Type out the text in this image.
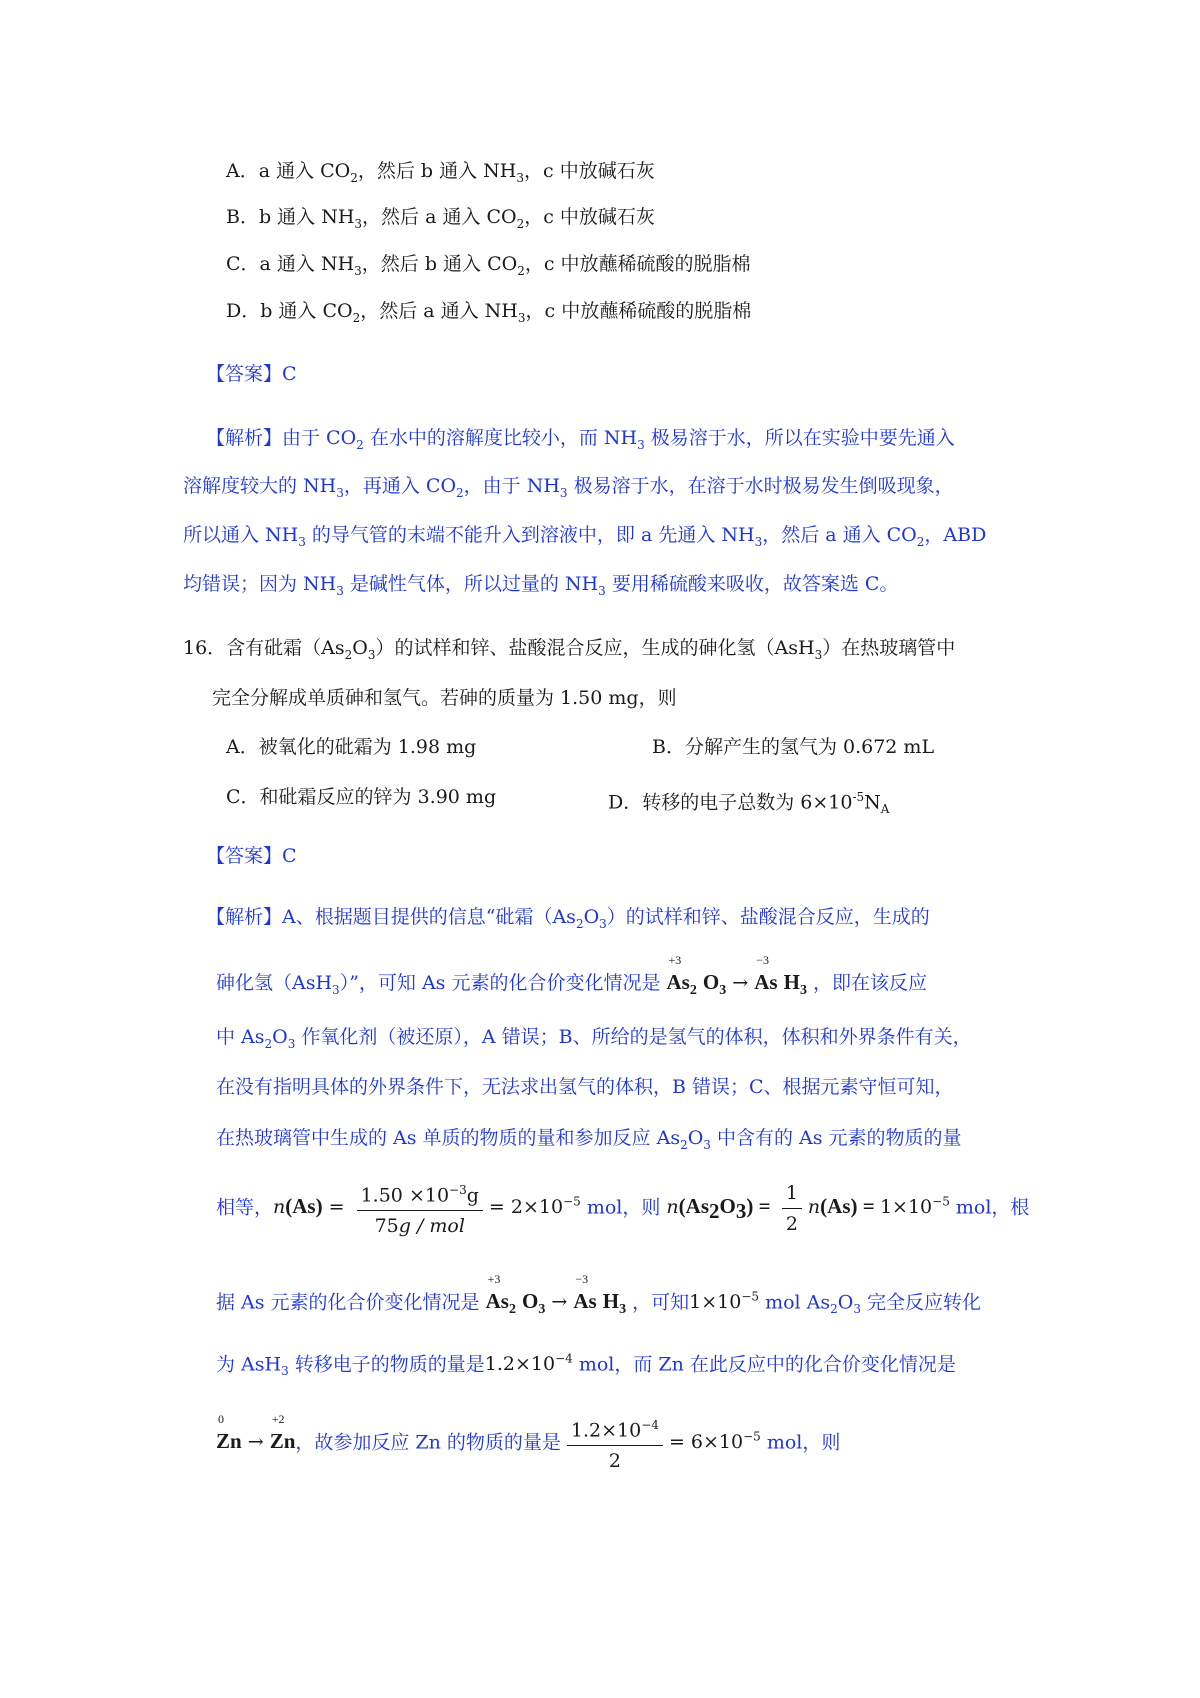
A．a 通入 $CO_2$，然后 b 通入 $NH_3$，c 中放碱石灰
B．b 通入 $NH_3$，然后 a 通入 $CO_2$，c 中放碱石灰
C．a 通入 $NH_3$，然后 b 通入 $CO_2$，c 中放蘸稀硫酸的脱脂棉
D．b 通入 $CO_2$，然后 a 通入 $NH_3$，c 中放蘸稀硫酸的脱脂棉
【答案】C
【解析】由于 $CO_2$ 在水中的溶解度比较小，而 $NH_3$ 极易溶于水，所以在实验中要先通入
溶解度较大的 $NH_3$，再通入 $CO_2$，由于 $NH_3$ 极易溶于水，在溶于水时极易发生倒吸现象，
所以通入 $NH_3$ 的导气管的末端不能升入到溶液中，即 a 先通入 $NH_3$，然后 a 通入 $CO_2$，ABD
均错误；因为 $NH_3$ 是碱性气体，所以过量的 $NH_3$ 要用稀硫酸来吸收，故答案选 C。
16．含有砒霜$(As_2O_3)$的试样和锌、盐酸混合反应，生成的砷化氢（AsH$_3$）在热玻璃管中
完全分解成单质砷和氢气。若砷的质量为 1.50 mg，则
A．被氧化的砒霜为 1.98 mg	B．分解产生的氢气为 0.672 mL
C．和砒霜反应的锌为 3.90 mg	D．转移的电子总数为 $6\times 10^{-5}N_A$
【答案】C
【解析】A、根据题目提供的信息“砒霜$(As_2O_3)$的试样和锌、盐酸混合反应，生成的
砷化氢（AsH$_3$）”，可知 As 元素的化合价变化情况是
+3
$As_2$ $O_3$ →
−3
As $H_3$ ，即在该反应
中 $As_2O_3$ 作氧化剂（被还原），A 错误；B、所给的是氢气的体积，体积和外界条件有关，
在没有指明具体的外界条件下，无法求出氢气的体积，B 错误；C、根据元素守恒可知，
在热玻璃管中生成的 As 单质的物质的量和参加反应 $As_2O_3$ 中含有的 As 元素的物质的量
相等，$n(As) = \frac{1.50 \times 10^{-3}g}{\text{75g / mol}} = 2\times 10^{-5}$ mol，则 $n(As_2O_3) = \frac{1}{2} n(As) = 1\times 10^{-5}$ mol，根
据 As 元素的化合价变化情况是
+3
$As_2$ $O_3$ →
−3
As $H_3$ ，可知$1\times 10^{-5}$ mol $As_2O_3$ 完全反应转化
为 AsH$_3$ 转移电子的物质的量是$1.2\times 10^{-4}$ mol，而 Zn 在此反应中的化合价变化情况是
0
Zn →
+2
Zn，故参加反应 Zn 的物质的量是 $\frac{1.2\times 10^{-4}}{2} = 6\times 10^{-5}$ mol，则
